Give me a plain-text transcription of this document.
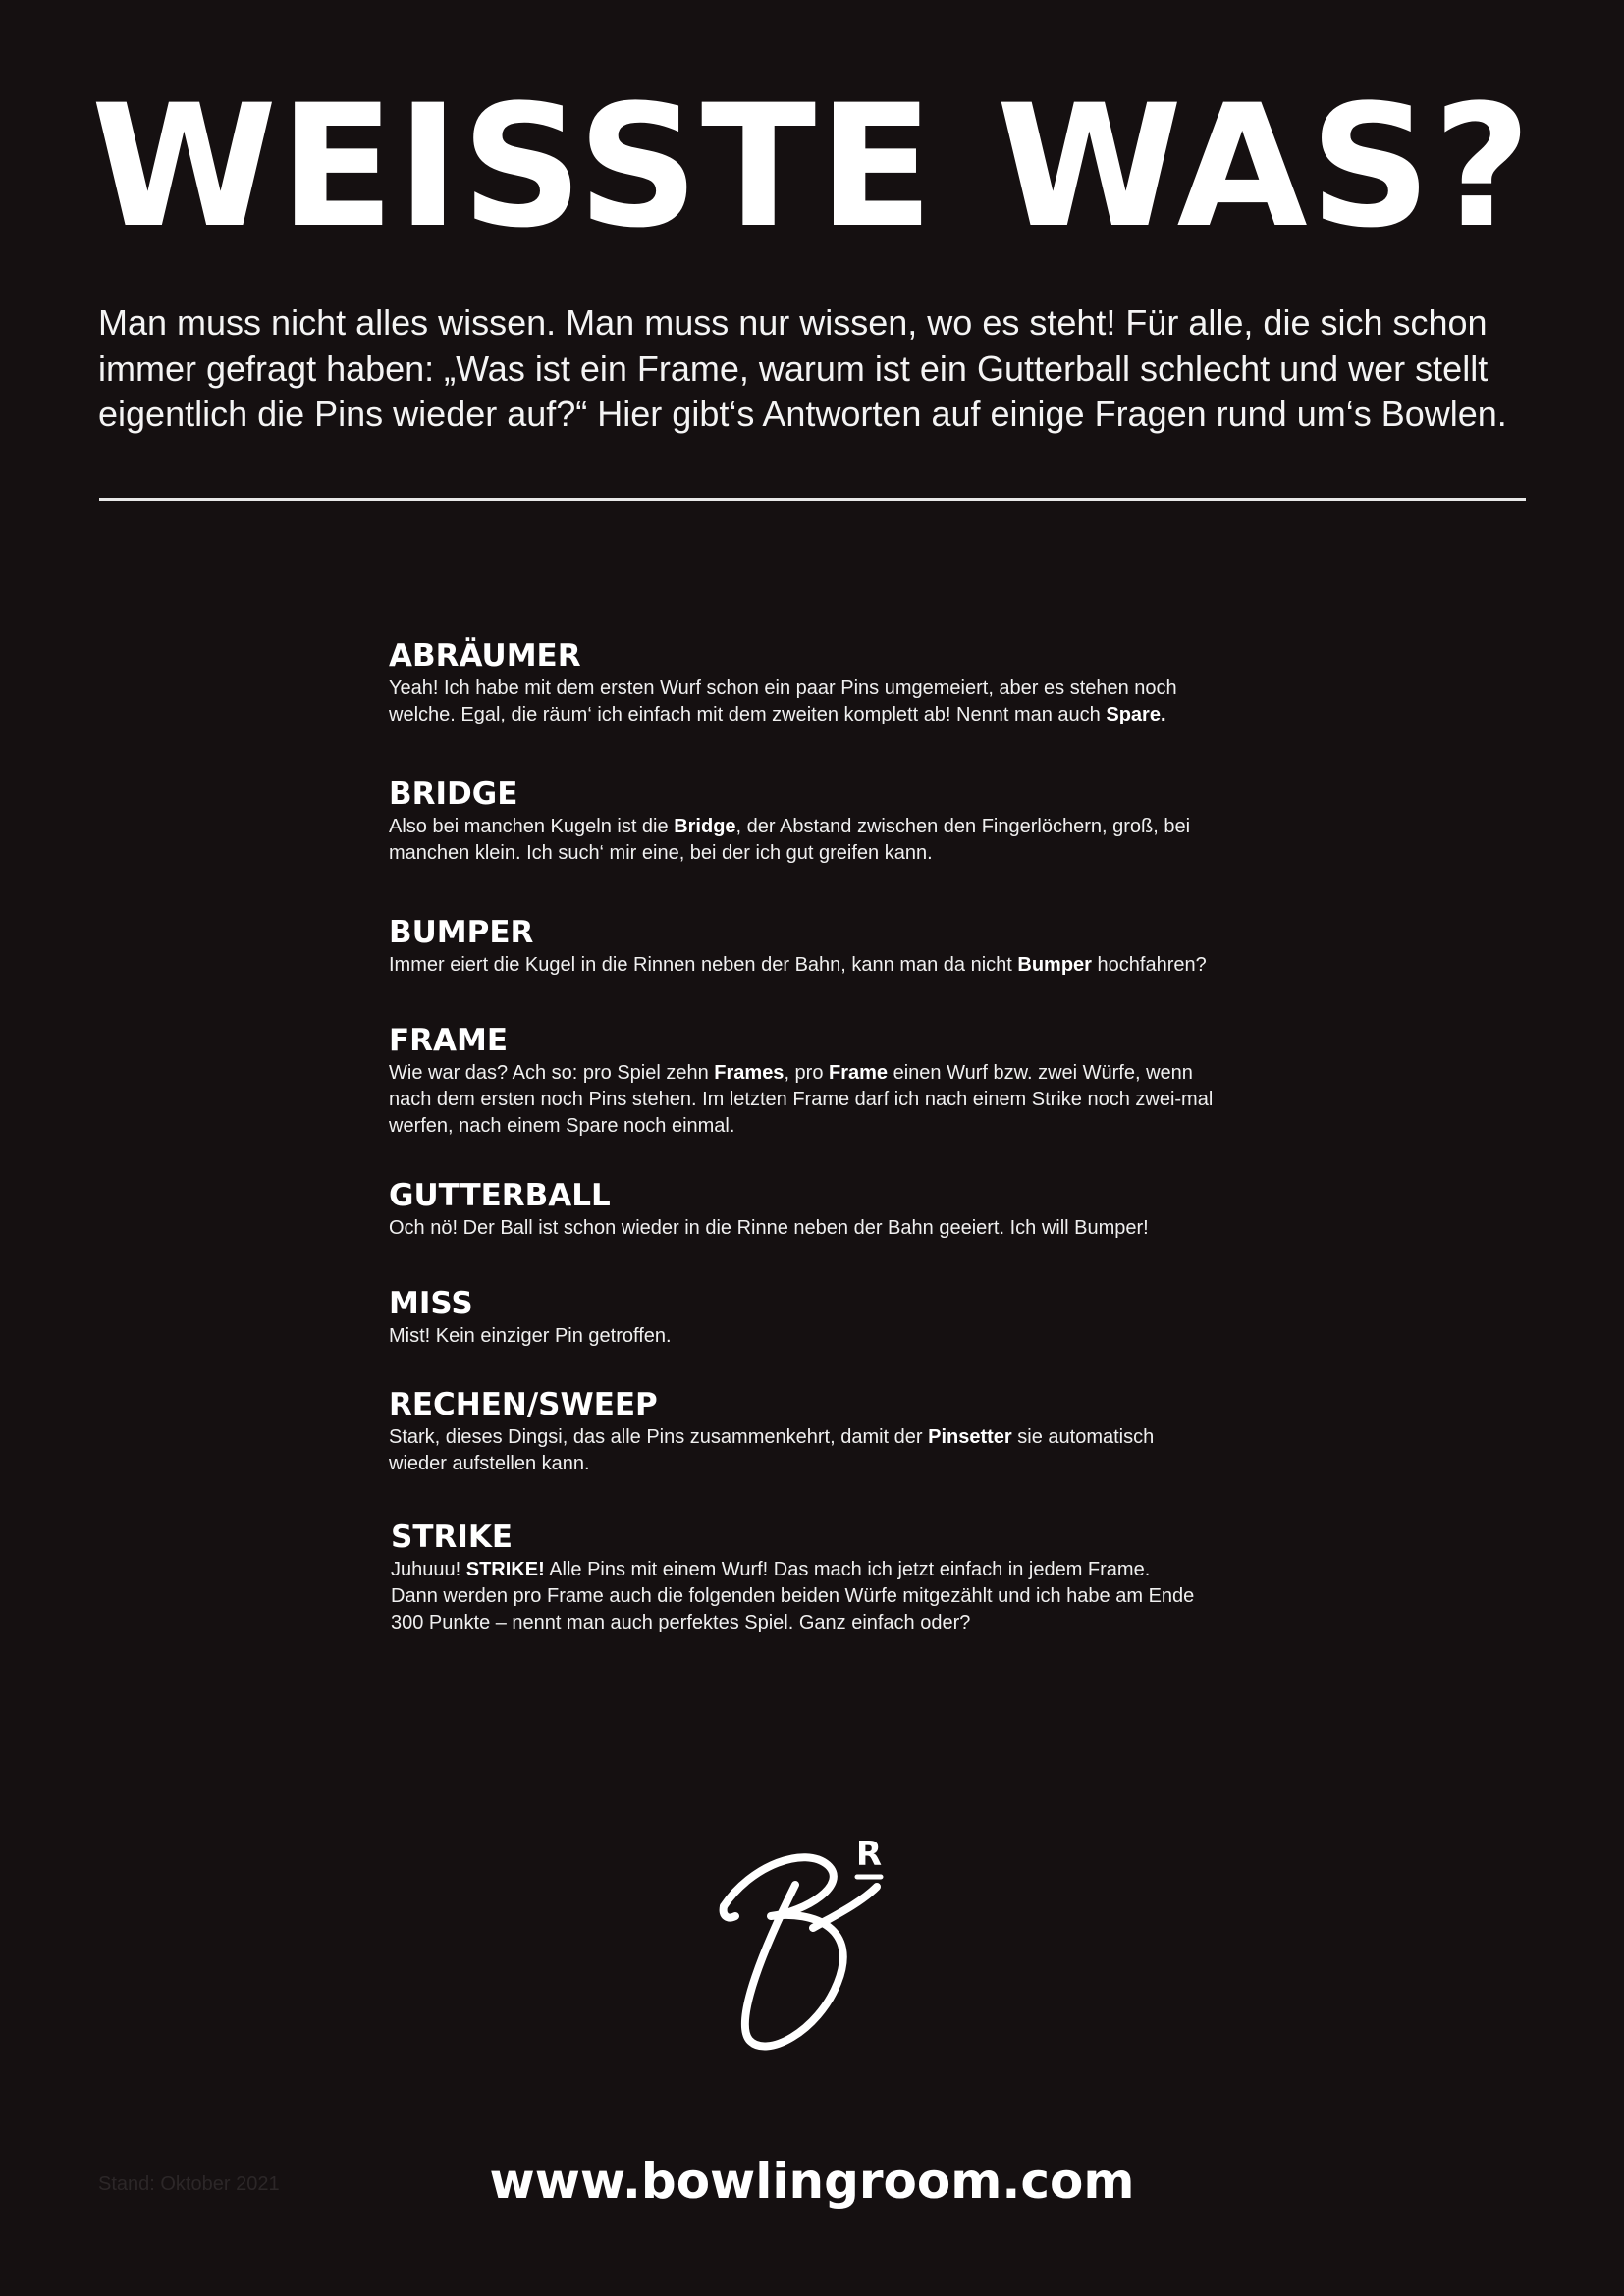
WEISSTE WAS?

Man muss nicht alles wissen. Man muss nur wissen, wo es steht! Für alle, die sich schon immer gefragt haben: „Was ist ein Frame, warum ist ein Gutterball schlecht und wer stellt eigentlich die Pins wieder auf?“ Hier gibt‘s Antworten auf einige Fragen rund um‘s Bowlen.

ABRÄUMER

Yeah! Ich habe mit dem ersten Wurf schon ein paar Pins umgemeiert, aber es stehen noch welche. Egal, die räum‘ ich einfach mit dem zweiten komplett ab! Nennt man auch Spare.

BRIDGE

Also bei manchen Kugeln ist die Bridge, der Abstand zwischen den Fingerlöchern, groß, bei manchen klein. Ich such‘ mir eine, bei der ich gut greifen kann.

BUMPER

Immer eiert die Kugel in die Rinnen neben der Bahn, kann man da nicht Bumper hochfahren?

FRAME

Wie war das? Ach so: pro Spiel zehn Frames, pro Frame einen Wurf bzw. zwei Würfe, wenn nach dem ersten noch Pins stehen. Im letzten Frame darf ich nach einem Strike noch zwei-mal werfen, nach einem Spare noch einmal.

GUTTERBALL

Och nö! Der Ball ist schon wieder in die Rinne neben der Bahn geeiert. Ich will Bumper!

MISS

Mist! Kein einziger Pin getroffen.

RECHEN/SWEEP

Stark, dieses Dingsi, das alle Pins zusammenkehrt, damit der Pinsetter sie automatisch wieder aufstellen kann.

STRIKE

Juhuuu! STRIKE! Alle Pins mit einem Wurf! Das mach ich jetzt einfach in jedem Frame. Dann werden pro Frame auch die folgenden beiden Würfe mitgezählt und ich habe am Ende 300 Punkte – nennt man auch perfektes Spiel. Ganz einfach oder?

R
Stand: Oktober 2021	www.bowlingroom.com
